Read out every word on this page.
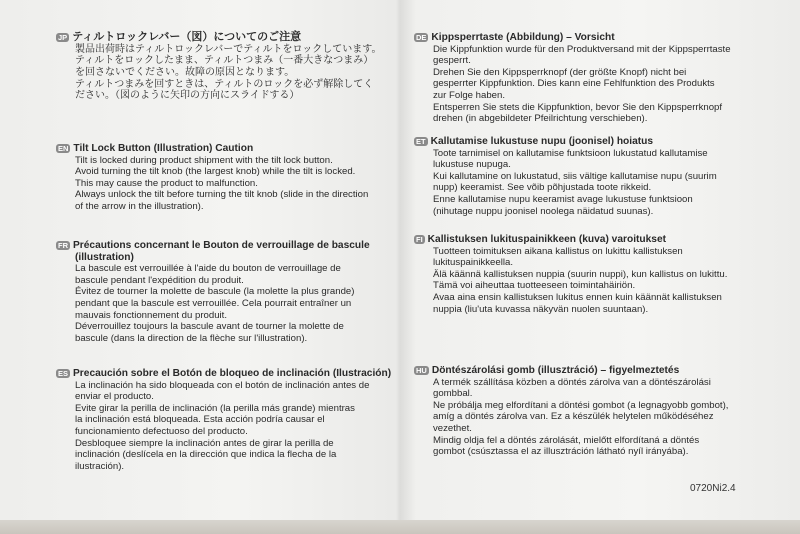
JP ティルトロックレバー（図）についてのご注意
製品出荷時はティルトロックレバーでティルトをロックしています。
ティルトをロックしたまま、ティルトつまみ（一番大きなつまみ）
を回さないでください。故障の原因となります。
ティルトつまみを回すときは、ティルトのロックを必ず解除してく
ださい。（図のように矢印の方向にスライドする）
EN Tilt Lock Button (Illustration) Caution
Tilt is locked during product shipment with the tilt lock button.
Avoid turning the tilt knob (the largest knob) while the tilt is locked.
This may cause the product to malfunction.
Always unlock the tilt before turning the tilt knob (slide in the direction
of the arrow in the illustration).
FR Précautions concernant le Bouton de verrouillage de bascule
(illustration)
La bascule est verrouillée à l'aide du bouton de verrouillage de
bascule pendant l'expédition du produit.
Évitez de tourner la molette de bascule (la molette la plus grande)
pendant que la bascule est verrouillée. Cela pourrait entraîner un
mauvais fonctionnement du produit.
Déverrouillez toujours la bascule avant de tourner la molette de
bascule (dans la direction de la flèche sur l'illustration).
ES Precaución sobre el Botón de bloqueo de inclinación (Ilustración)
La inclinación ha sido bloqueada con el botón de inclinación antes de
enviar el producto.
Evite girar la perilla de inclinación (la perilla más grande) mientras
la inclinación está bloqueada. Esta acción podría causar el
funcionamiento defectuoso del producto.
Desbloquee siempre la inclinación antes de girar la perilla de
inclinación (deslícela en la dirección que indica la flecha de la
ilustración).
DE Kippsperrtaste (Abbildung) – Vorsicht
Die Kippfunktion wurde für den Produktversand mit der Kippsperrtaste
gesperrt.
Drehen Sie den Kippsperrknopf (der größte Knopf) nicht bei
gesperrter Kippfunktion. Dies kann eine Fehlfunktion des Produkts
zur Folge haben.
Entsperren Sie stets die Kippfunktion, bevor Sie den Kippsperrknopf
drehen (in abgebildeter Pfeilrichtung verschieben).
ET Kallutamise lukustuse nupu (joonisel) hoiatus
Toote tarnimisel on kallutamise funktsioon lukustatud kallutamise
lukustuse nupuga.
Kui kallutamine on lukustatud, siis vältige kallutamise nupu (suurim
nupp) keeramist. See võib põhjustada toote rikkeid.
Enne kallutamise nupu keeramist avage lukustuse funktsioon
(nihutage nuppu joonisel noolega näidatud suunas).
FI Kallistuksen lukituspainikkeen (kuva) varoitukset
Tuotteen toimituksen aikana kallistus on lukittu kallistuksen
lukituspainikkeella.
Älä käännä kallistuksen nuppia (suurin nuppi), kun kallistus on lukittu.
Tämä voi aiheuttaa tuotteeseen toimintahäiriön.
Avaa aina ensin kallistuksen lukitus ennen kuin käännät kallistuksen
nuppia (liu'uta kuvassa näkyvän nuolen suuntaan).
HU Döntészárolási gomb (illusztráció) – figyelmeztetés
A termék szállítása közben a döntés zárolva van a döntészárolási
gombbal.
Ne próbálja meg elfordítani a döntési gombot (a legnagyobb gombot),
amíg a döntés zárolva van. Ez a készülék helytelen működéséhez
vezethet.
Mindig oldja fel a döntés zárolását, mielőtt elfordítaná a döntés
gombot (csúsztassa el az illusztráción látható nyíl irányába).
0720Ni2.4
